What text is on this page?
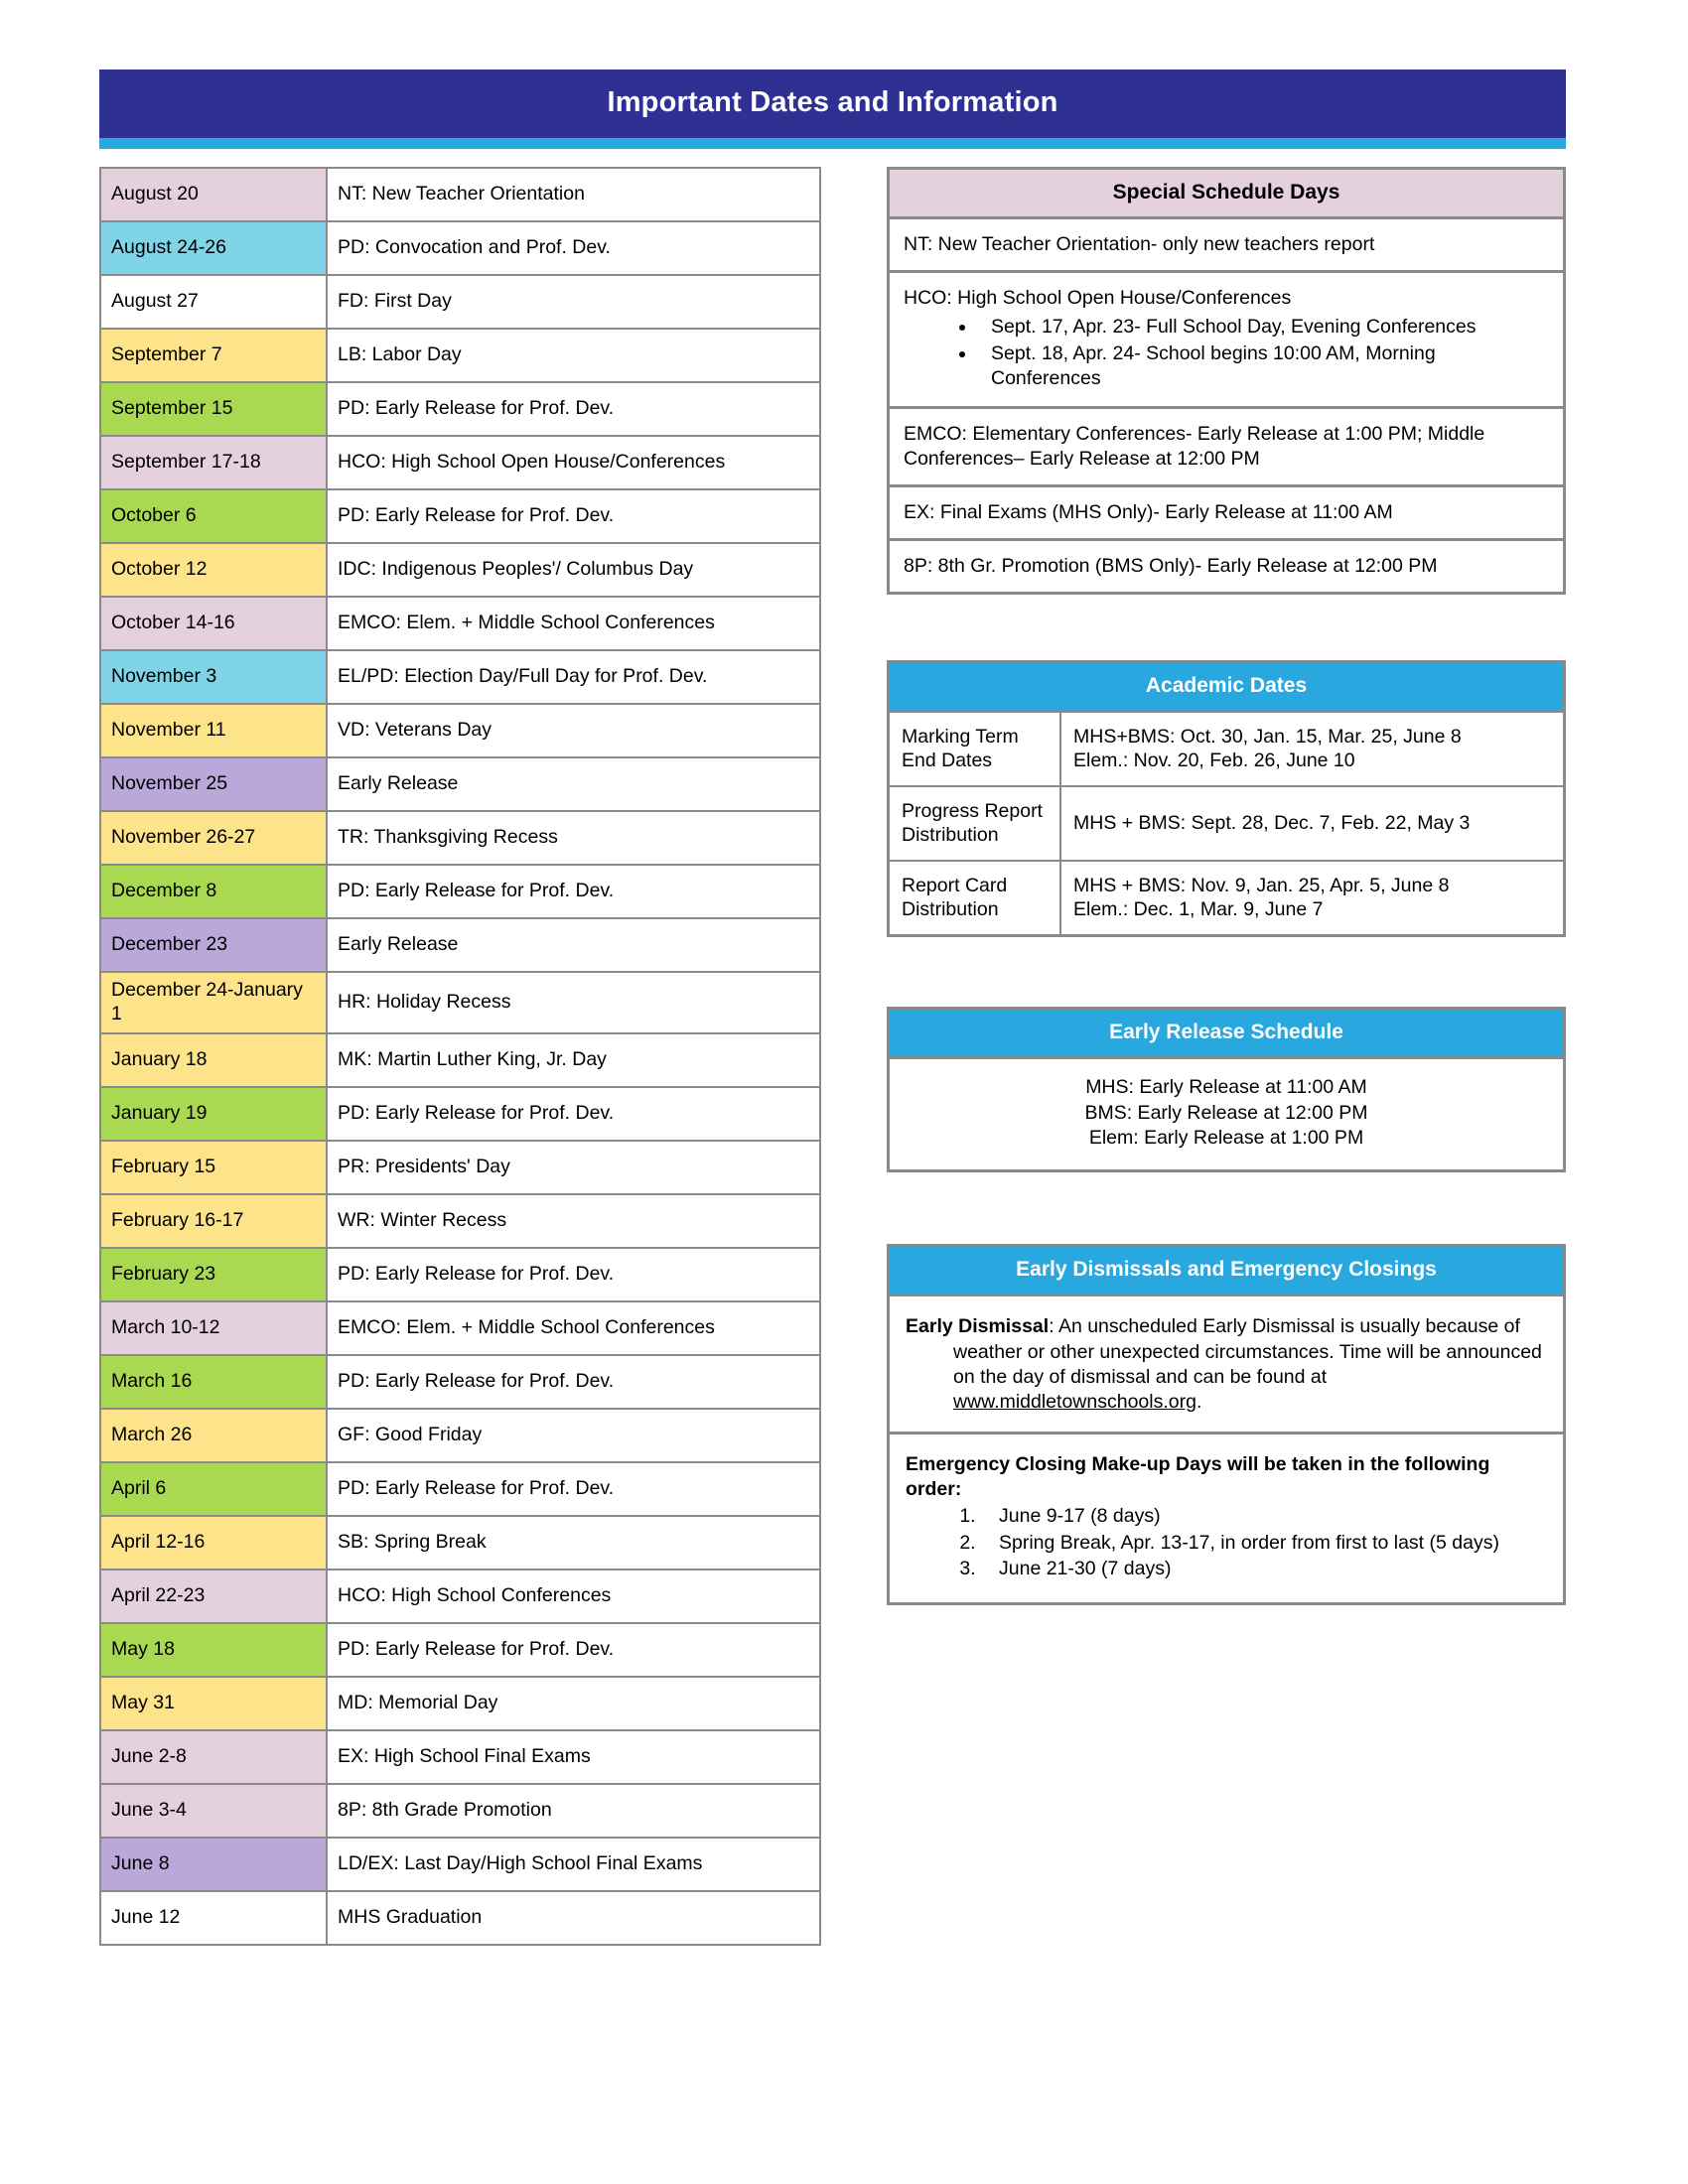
Important Dates and Information
August 20	NT: New Teacher Orientation
August 24-26	PD: Convocation and Prof. Dev.
August 27	FD: First Day
September 7	LB: Labor Day
September 15	PD: Early Release for Prof. Dev.
September 17-18	HCO: High School Open House/Conferences
October 6	PD: Early Release for Prof. Dev.
October 12	IDC: Indigenous Peoples'/ Columbus Day
October 14-16	EMCO: Elem. + Middle School Conferences
November 3	EL/PD: Election Day/Full Day for Prof. Dev.
November 11	VD: Veterans Day
November 25	Early Release
November 26-27	TR: Thanksgiving Recess
December 8	PD: Early Release for Prof. Dev.
December 23	Early Release
December 24-January 1	HR: Holiday Recess
January 18	MK: Martin Luther King, Jr. Day
January 19	PD: Early Release for Prof. Dev.
February 15	PR: Presidents' Day
February 16-17	WR: Winter Recess
February 23	PD: Early Release for Prof. Dev.
March 10-12	EMCO: Elem. + Middle School Conferences
March 16	PD: Early Release for Prof. Dev.
March 26	GF: Good Friday
April 6	PD: Early Release for Prof. Dev.
April 12-16	SB: Spring Break
April 22-23	HCO: High School Conferences
May 18	PD: Early Release for Prof. Dev.
May 31	MD: Memorial Day
June 2-8	EX: High School Final Exams
June 3-4	8P: 8th Grade Promotion
June 8	LD/EX: Last Day/High School Final Exams
June 12	MHS Graduation
Special Schedule Days
NT: New Teacher Orientation- only new teachers report
HCO: High School Open House/Conferences
• Sept. 17, Apr. 23- Full School Day, Evening Conferences
• Sept. 18, Apr. 24- School begins 10:00 AM, Morning Conferences
EMCO: Elementary Conferences- Early Release at 1:00 PM; Middle Conferences– Early Release at 12:00 PM
EX: Final Exams (MHS Only)- Early Release at 11:00 AM
8P: 8th Gr. Promotion (BMS Only)- Early Release at 12:00 PM
Academic Dates
Marking Term End Dates	MHS+BMS: Oct. 30, Jan. 15, Mar. 25, June 8
Elem.: Nov. 20, Feb. 26, June 10

Progress Report Distribution	MHS + BMS: Sept. 28, Dec. 7, Feb. 22, May 3

Report Card Distribution	MHS + BMS: Nov. 9, Jan. 25, Apr. 5, June 8
Elem.: Dec. 1, Mar. 9, June 7
Early Release Schedule
MHS: Early Release at 11:00 AM
BMS: Early Release at 12:00 PM
Elem: Early Release at 1:00 PM
Early Dismissals and Emergency Closings
Early Dismissal: An unscheduled Early Dismissal is usually because of weather or other unexpected circumstances. Time will be announced on the day of dismissal and can be found at www.middletownschools.org.
Emergency Closing Make-up Days will be taken in the following order:
1. June 9-17 (8 days)
2. Spring Break, Apr. 13-17, in order from first to last (5 days)
3. June 21-30 (7 days)
